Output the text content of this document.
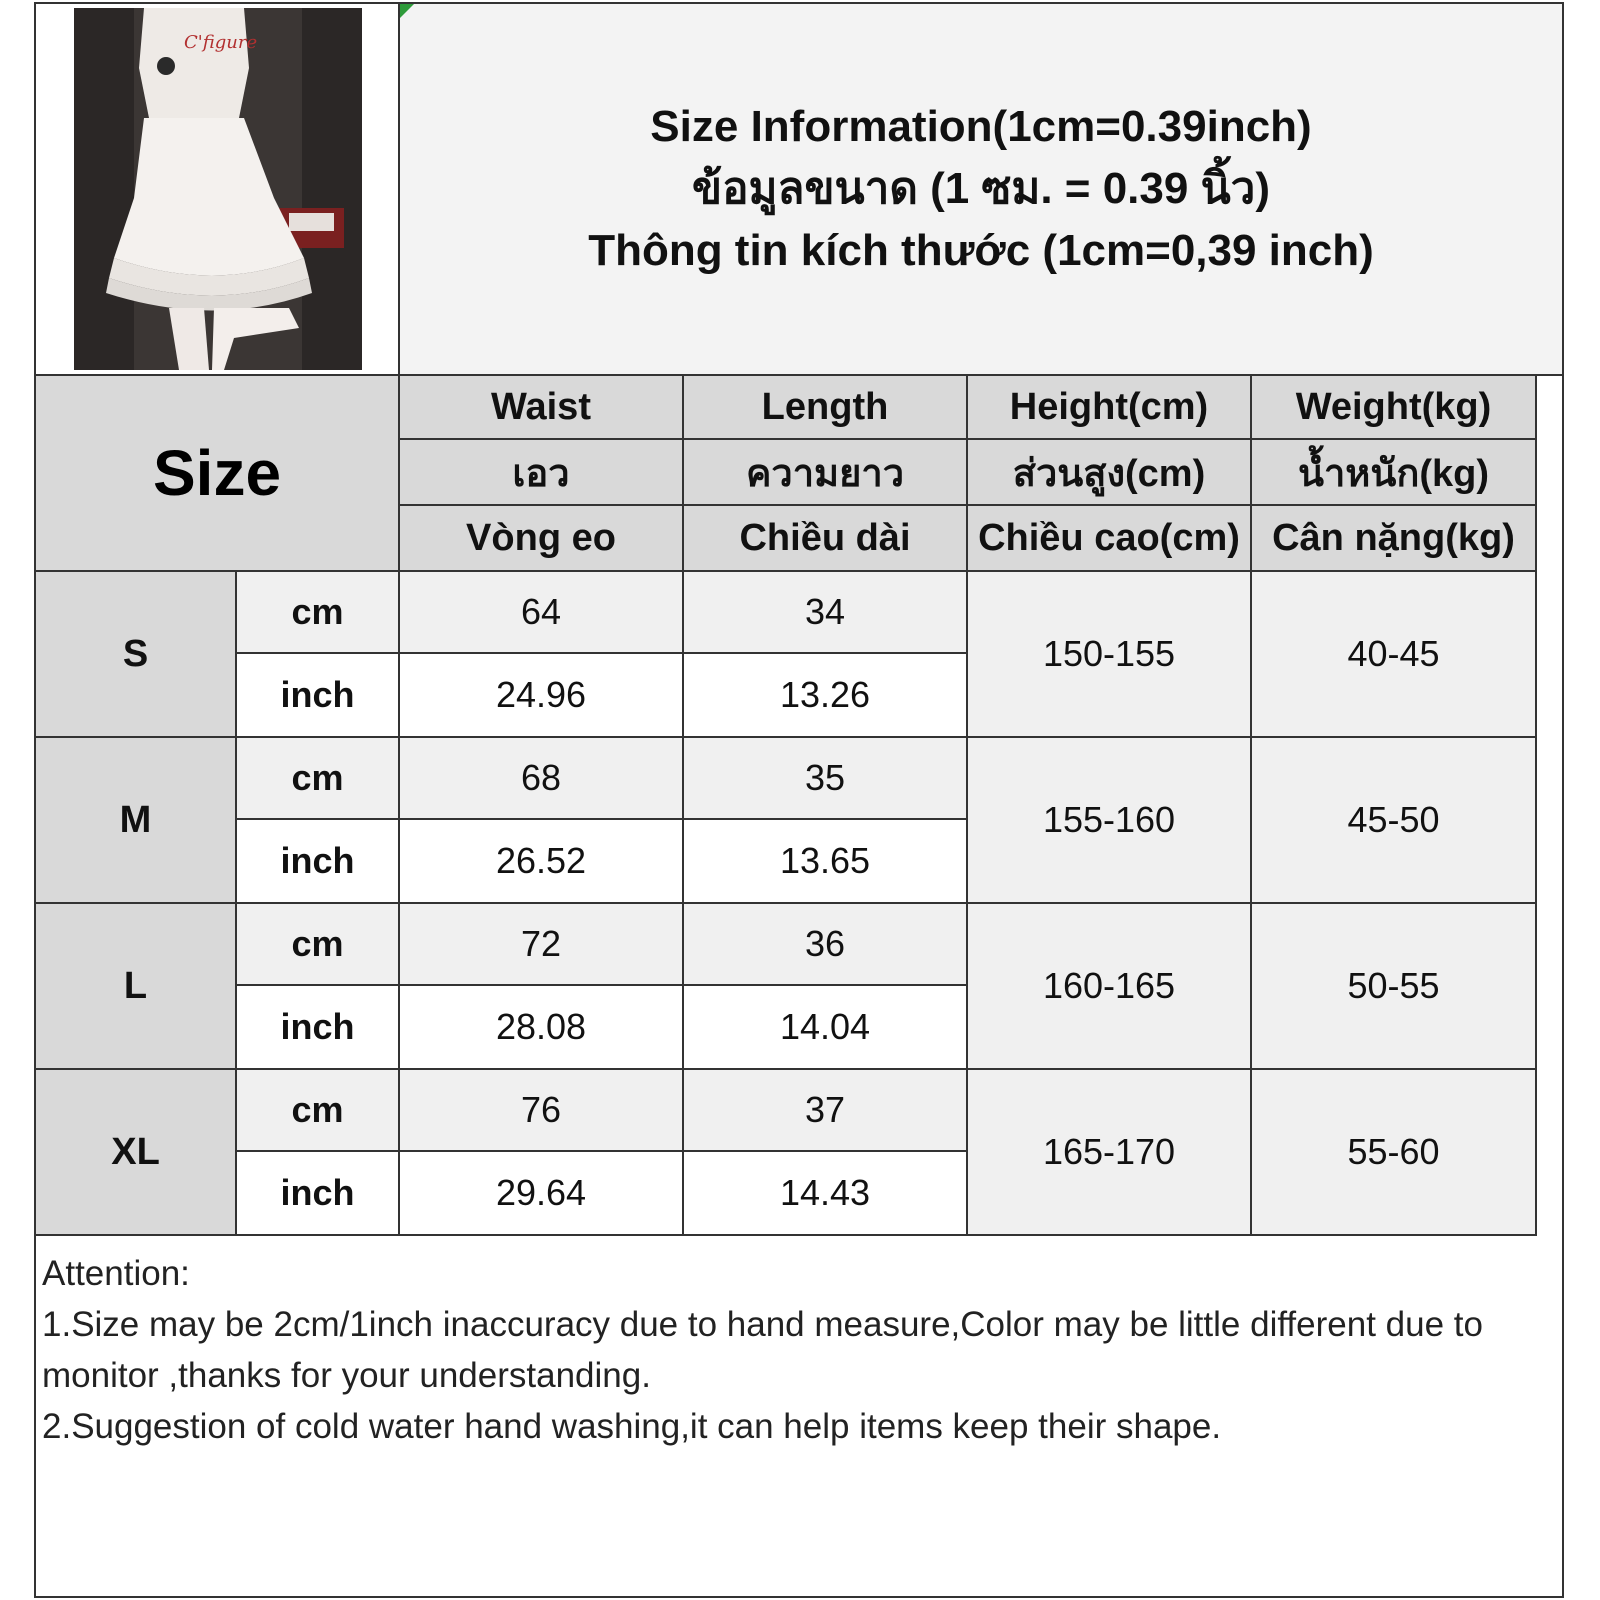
C'figure
Size Information(1cm=0.39inch)
ข้อมูลขนาด (1 ซม. = 0.39 นิ้ว)
Thông tin kích thước (1cm=0,39 inch)
Size		Waist	Length	Height(cm)	Weight(kg)
		เอว	ความยาว	ส่วนสูง(cm)	น้ำหนัก(kg)
		Vòng eo	Chiều dài	Chiều cao(cm)	Cân nặng(kg)
S	cm	64	34	150-155	40-45
	inch	24.96	13.26		
M	cm	68	35	155-160	45-50
	inch	26.52	13.65		
L	cm	72	36	160-165	50-55
	inch	28.08	14.04		
XL	cm	76	37	165-170	55-60
	inch	29.64	14.43		

Attention:

1.Size may be 2cm/1inch inaccuracy due to hand measure,Color may be little different due to monitor ,thanks for your understanding.

2.Suggestion of cold water hand washing,it can help items keep their shape.
